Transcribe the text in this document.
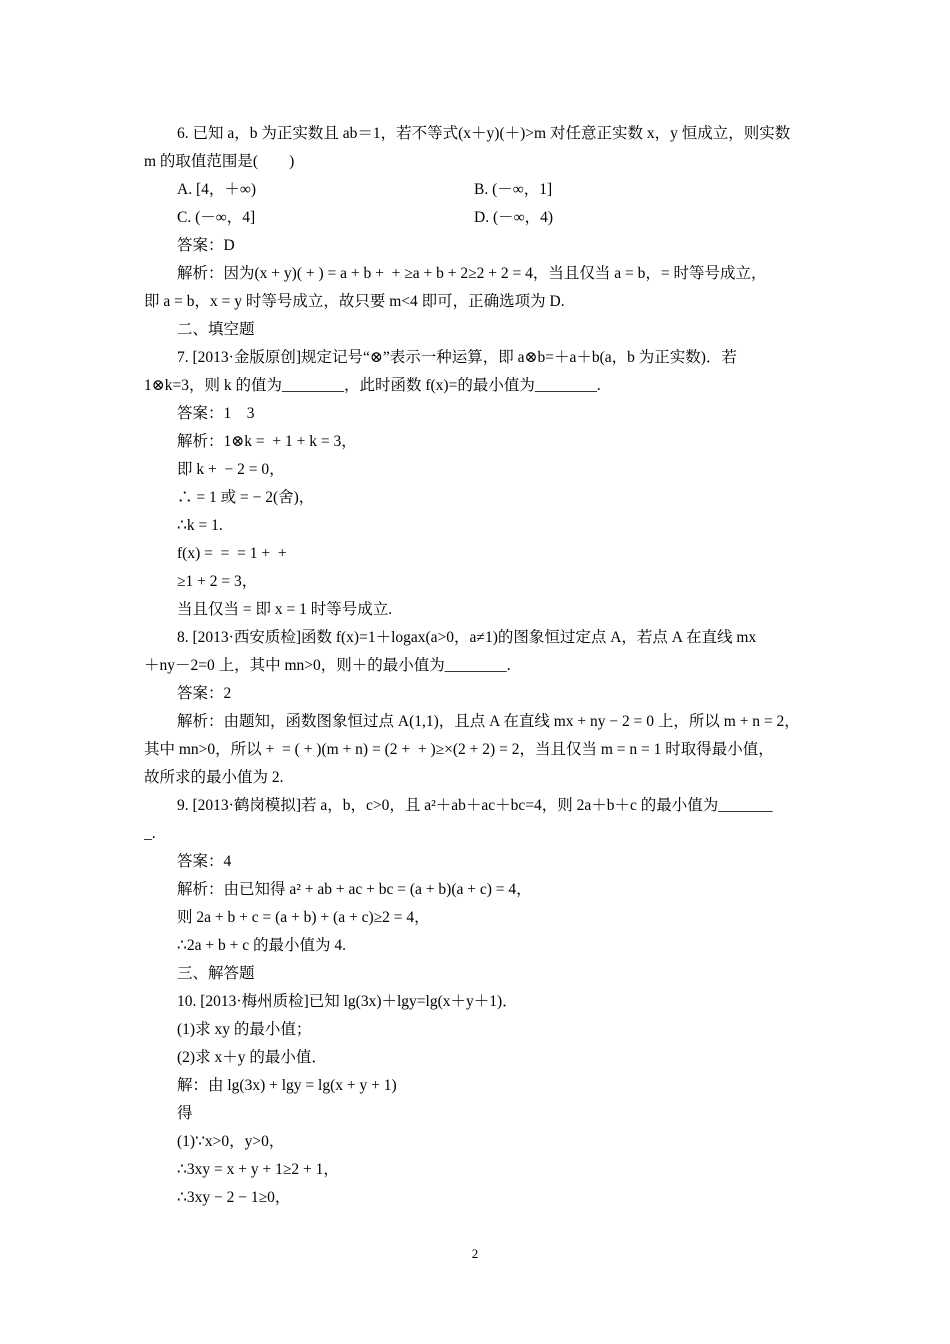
6. 已知 a，b 为正实数且 ab＝1，若不等式(x＋y)(＋)>m 对任意正实数 x，y 恒成立，则实数
m 的取值范围是(　　)
A. [4，＋∞)	B. (－∞，1]
C. (－∞，4]	D. (－∞，4)
答案：D
解析：因为(x + y)( + ) = a + b +  + ≥a + b + 2≥2 + 2 = 4，当且仅当 a = b，= 时等号成立，
即 a = b，x = y 时等号成立，故只要 m<4 即可，正确选项为 D.
二、填空题
7. [2013·金版原创]规定记号“⊗”表示一种运算，即 a⊗b=＋a＋b(a，b 为正实数)．若
1⊗k=3，则 k 的值为________，此时函数 f(x)=的最小值为________.
答案：1　3
解析：1⊗k =  + 1 + k = 3，
即 k +  − 2 = 0，
∴ = 1 或 = − 2(舍)，
∴k = 1.
f(x) =  =  = 1 +  +
≥1 + 2 = 3，
当且仅当 = 即 x = 1 时等号成立.
8. [2013·西安质检]函数 f(x)=1＋logax(a>0，a≠1)的图象恒过定点 A，若点 A 在直线 mx
＋ny－2=0 上，其中 mn>0，则＋的最小值为________.
答案：2
解析：由题知，函数图象恒过点 A(1,1)，且点 A 在直线 mx + ny − 2 = 0 上，所以 m + n = 2，
其中 mn>0，所以 +  = ( + )(m + n) = (2 +  + )≥×(2 + 2) = 2，当且仅当 m = n = 1 时取得最小值，
故所求的最小值为 2.
9. [2013·鹤岗模拟]若 a，b，c>0，且 a²＋ab＋ac＋bc=4，则 2a＋b＋c 的最小值为_______
_.
答案：4
解析：由已知得 a² + ab + ac + bc = (a + b)(a + c) = 4，
则 2a + b + c = (a + b) + (a + c)≥2 = 4，
∴2a + b + c 的最小值为 4.
三、解答题
10. [2013·梅州质检]已知 lg(3x)＋lgy=lg(x＋y＋1)．
(1)求 xy 的最小值；
(2)求 x＋y 的最小值．
解：由 lg(3x) + lgy = lg(x + y + 1)
得
(1)∵x>0，y>0，
∴3xy = x + y + 1≥2 + 1，
∴3xy − 2 − 1≥0，
2
